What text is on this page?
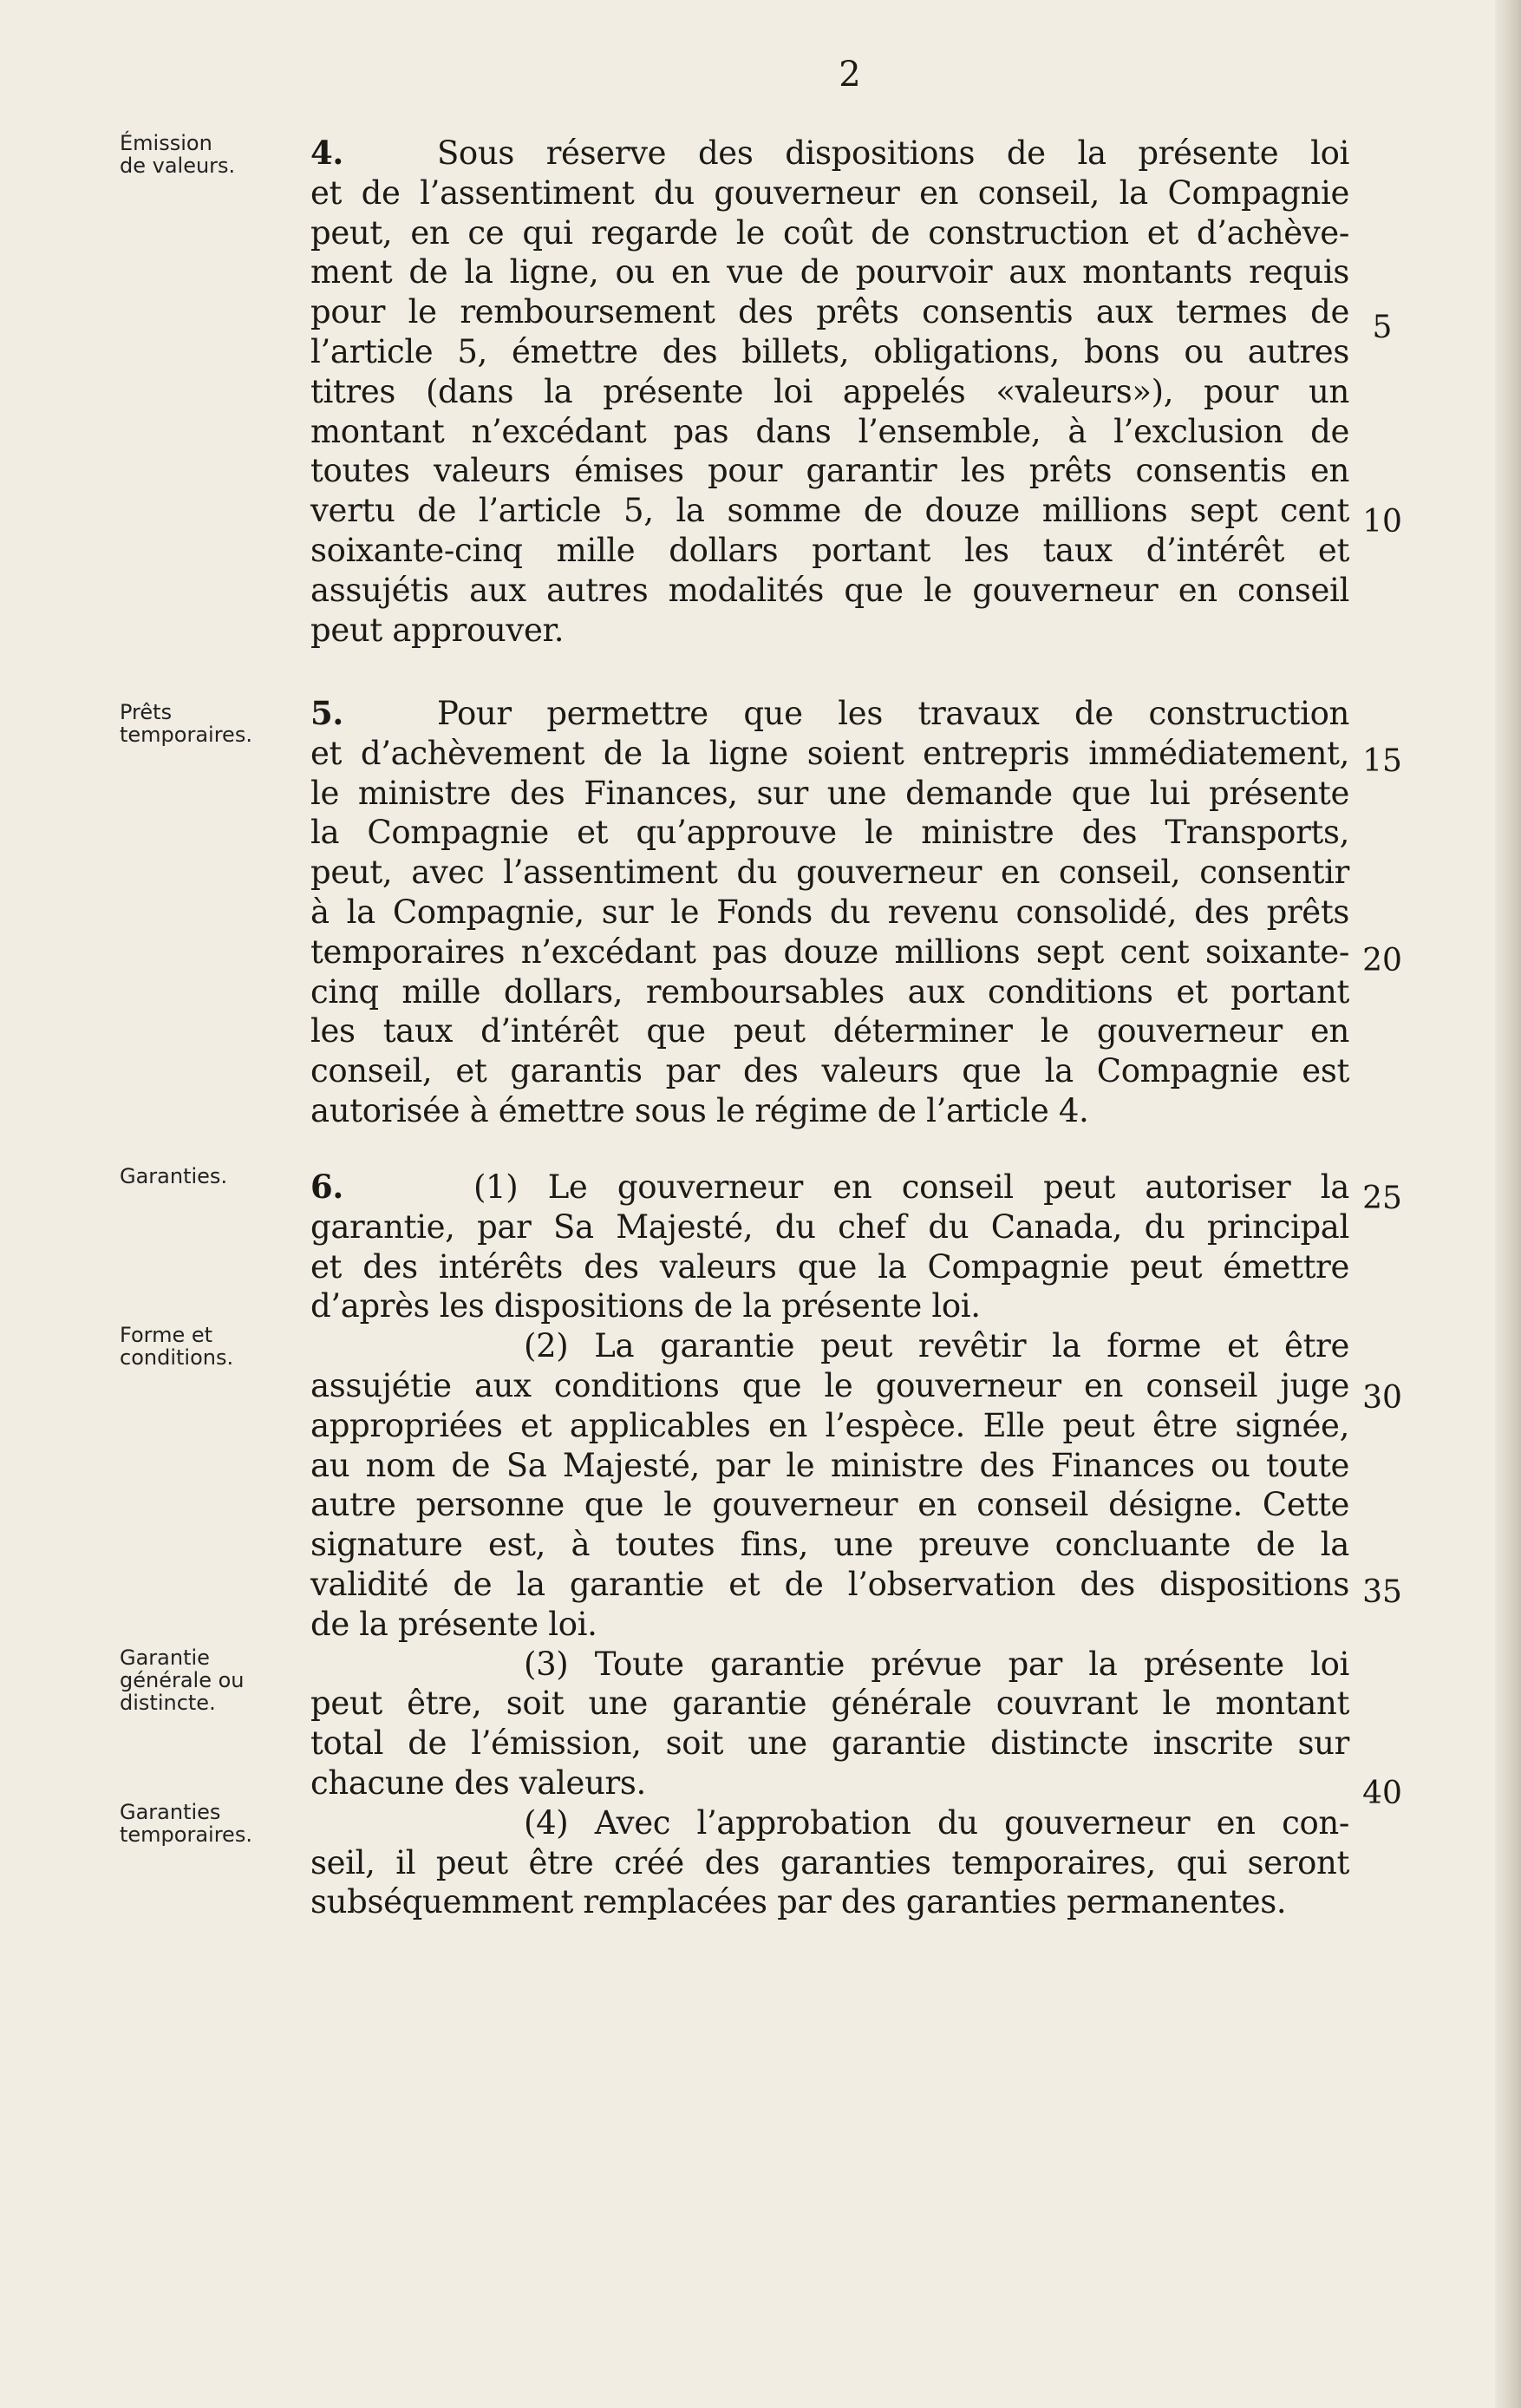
2
Émission
de valeurs.
Prêts
temporaires.
Garanties.
Forme et
conditions.
Garantie
générale ou
distincte.
Garanties
temporaires.
4.	Sous réserve des dispositions de la présente loi
et de l’assentiment du gouverneur en conseil, la Compagnie
peut, en ce qui regarde le coût de construction et d’achève-
ment de la ligne, ou en vue de pourvoir aux montants requis
pour le remboursement des prêts consentis aux termes de
l’article 5, émettre des billets, obligations, bons ou autres
titres (dans la présente loi appelés «valeurs»), pour un
montant n’excédant pas dans l’ensemble, à l’exclusion de
toutes valeurs émises pour garantir les prêts consentis en
vertu de l’article 5, la somme de douze millions sept cent
soixante-cinq mille dollars portant les taux d’intérêt et
assujétis aux autres modalités que le gouverneur en conseil
peut approuver.
5.	Pour permettre que les travaux de construction
et d’achèvement de la ligne soient entrepris immédiatement,
le ministre des Finances, sur une demande que lui présente
la Compagnie et qu’approuve le ministre des Transports,
peut, avec l’assentiment du gouverneur en conseil, consentir
à la Compagnie, sur le Fonds du revenu consolidé, des prêts
temporaires n’excédant pas douze millions sept cent soixante-
cinq mille dollars, remboursables aux conditions et portant
les taux d’intérêt que peut déterminer le gouverneur en
conseil, et garantis par des valeurs que la Compagnie est
autorisée à émettre sous le régime de l’article 4.
6.	(1) Le gouverneur en conseil peut autoriser la
garantie, par Sa Majesté, du chef du Canada, du principal
et des intérêts des valeurs que la Compagnie peut émettre
d’après les dispositions de la présente loi.
(2) La garantie peut revêtir la forme et être
assujétie aux conditions que le gouverneur en conseil juge
appropriées et applicables en l’espèce. Elle peut être signée,
au nom de Sa Majesté, par le ministre des Finances ou toute
autre personne que le gouverneur en conseil désigne. Cette
signature est, à toutes fins, une preuve concluante de la
validité de la garantie et de l’observation des dispositions
de la présente loi.
(3) Toute garantie prévue par la présente loi
peut être, soit une garantie générale couvrant le montant
total de l’émission, soit une garantie distincte inscrite sur
chacune des valeurs.
(4) Avec l’approbation du gouverneur en con-
seil, il peut être créé des garanties temporaires, qui seront
subséquemment remplacées par des garanties permanentes.
5
10
15
20
25
30
35
40
